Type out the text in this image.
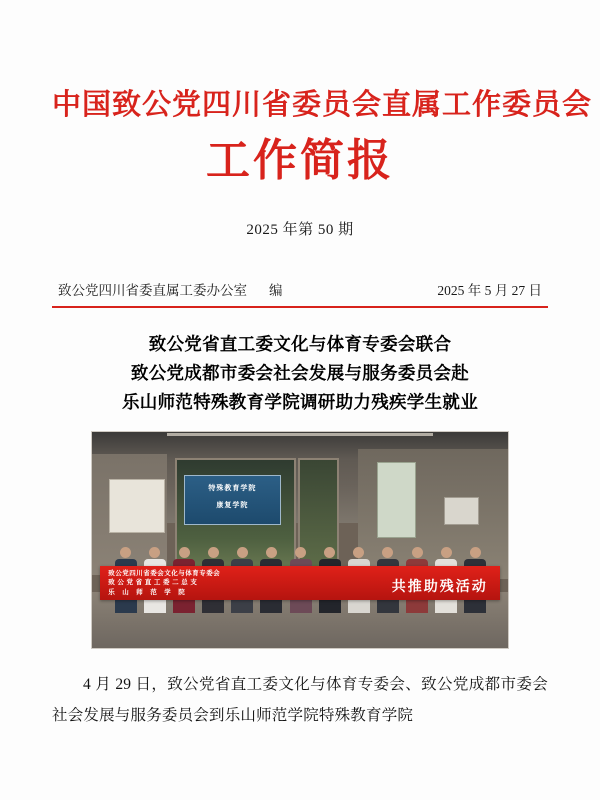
中国致公党四川省委员会直属工作委员会
工作简报
2025 年第 50 期
致公党四川省委直属工委办公室 编	2025 年 5 月 27 日
致公党省直工委文化与体育专委会联合
致公党成都市委会社会发展与服务委员会赴
乐山师范特殊教育学院调研助力残疾学生就业
特殊教育学院
康复学院
致公党四川省委会文化与体育专委会
致 公 党 省 直 工 委 二 总 支
乐　山　师　范　学　院	共推助残活动

4 月 29 日，致公党省直工委文化与体育专委会、致公党成都市委会社会发展与服务委员会到乐山师范学院特殊教育学院
